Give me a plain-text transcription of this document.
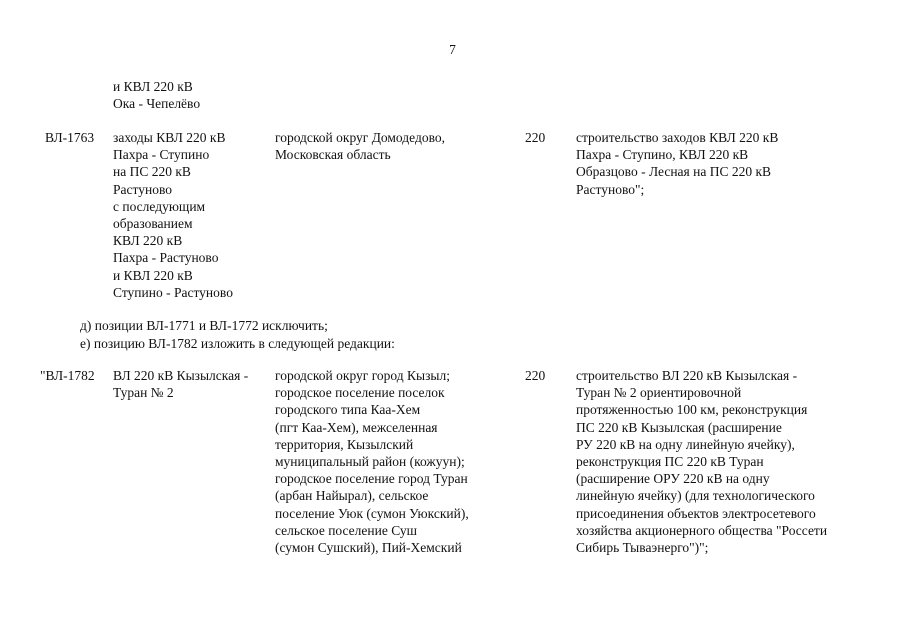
7
и КВЛ 220 кВ
Ока - Чепелёво
ВЛ-1763 заходы КВЛ 220 кВ
Пахра - Ступино
на ПС 220 кВ
Растуново
с последующим
образованием
КВЛ 220 кВ
Пахра - Растуново
и КВЛ 220 кВ
Ступино - Растуново
городской округ Домодедово,
Московская область
220 строительство заходов КВЛ 220 кВ
Пахра - Ступино, КВЛ 220 кВ
Образцово - Лесная на ПС 220 кВ
Растуново";
д) позиции ВЛ-1771 и ВЛ-1772 исключить;
е) позицию ВЛ-1782 изложить в следующей редакции:
"ВЛ-1782 ВЛ 220 кВ Кызылская -
Туран № 2
городской округ город Кызыл;
городское поселение поселок
городского типа Каа-Хем
(пгт Каа-Хем), межселенная
территория, Кызылский
муниципальный район (кожуун);
городское поселение город Туран
(арбан Найырал), сельское
поселение Уюк (сумон Уюкский),
сельское поселение Суш
(сумон Сушский), Пий-Хемский
220 строительство ВЛ 220 кВ Кызылская -
Туран № 2 ориентировочной
протяженностью 100 км, реконструкция
ПС 220 кВ Кызылская (расширение
РУ 220 кВ на одну линейную ячейку),
реконструкция ПС 220 кВ Туран
(расширение ОРУ 220 кВ на одну
линейную ячейку) (для технологического
присоединения объектов электросетевого
хозяйства акционерного общества "Россети
Сибирь Тываэнерго")";
